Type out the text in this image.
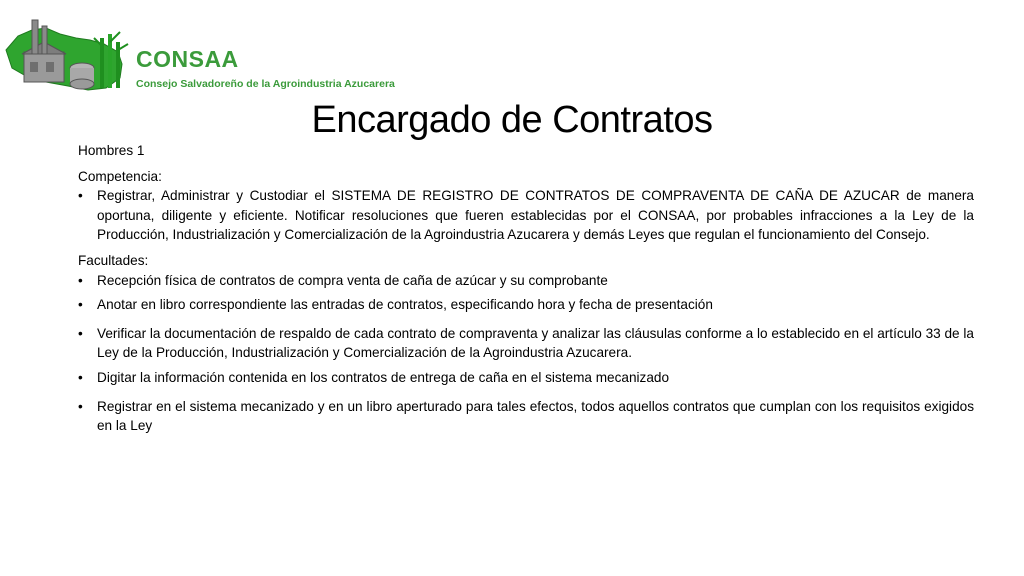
CONSAA
Consejo Salvadoreño de la Agroindustria Azucarera
Encargado de Contratos

Hombres 1

Competencia:

• Registrar, Administrar y Custodiar el SISTEMA DE REGISTRO DE CONTRATOS DE COMPRAVENTA DE CAÑA DE AZUCAR de manera oportuna, diligente y eficiente. Notificar resoluciones que fueren establecidas por el CONSAA, por probables infracciones a la Ley de la Producción, Industrialización y Comercialización de la Agroindustria Azucarera y demás Leyes que regulan el funcionamiento del Consejo.

Facultades:

• Recepción física de contratos de compra venta de caña de azúcar y su comprobante
• Anotar en libro correspondiente las entradas de contratos, especificando hora y fecha de presentación
• Verificar la documentación de respaldo de cada contrato de compraventa y analizar las cláusulas conforme a lo establecido en el artículo 33 de la Ley de la Producción, Industrialización y Comercialización de la Agroindustria Azucarera.
• Digitar la información contenida en los contratos de entrega de caña en el sistema mecanizado
• Registrar en el sistema mecanizado y en un libro aperturado para tales efectos, todos aquellos contratos que cumplan con los requisitos exigidos en la Ley
